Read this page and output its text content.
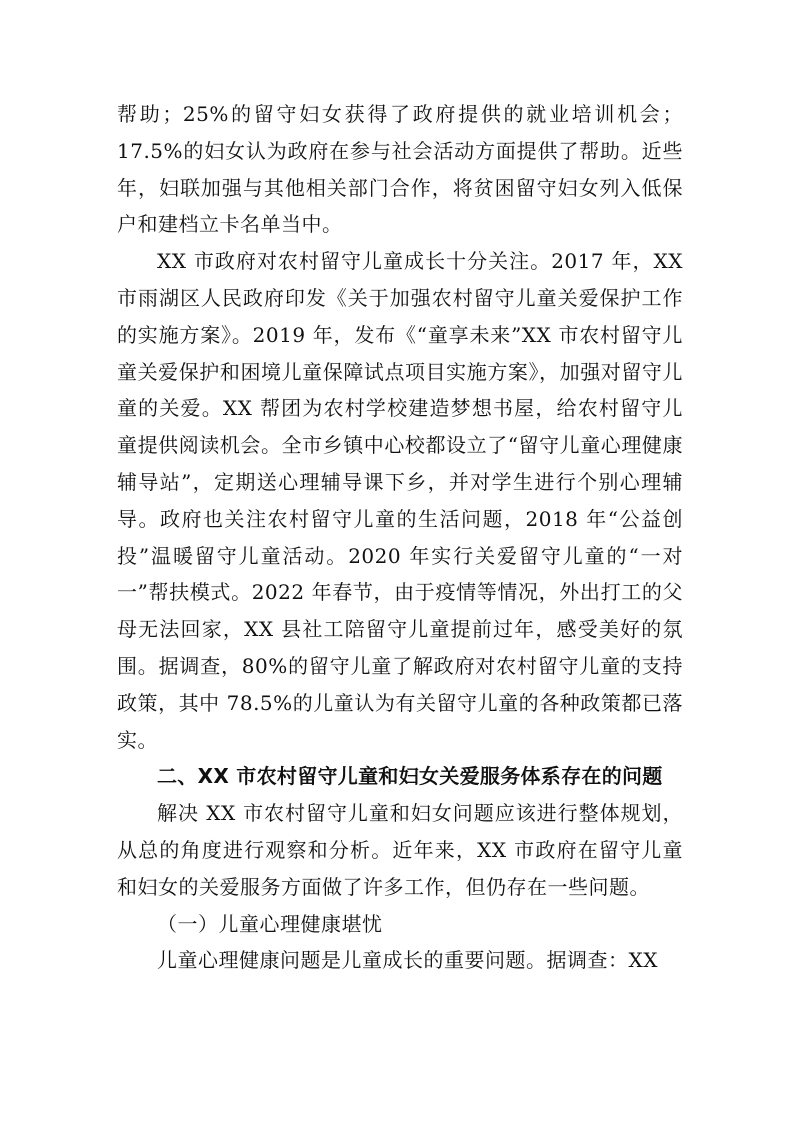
帮助；25%的留守妇女获得了政府提供的就业培训机会；17.5%的妇女认为政府在参与社会活动方面提供了帮助。近些年，妇联加强与其他相关部门合作，将贫困留守妇女列入低保户和建档立卡名单当中。

XX 市政府对农村留守儿童成长十分关注。2017 年，XX 市雨湖区人民政府印发《关于加强农村留守儿童关爱保护工作的实施方案》。2019 年，发布《“童享未来”XX 市农村留守儿童关爱保护和困境儿童保障试点项目实施方案》，加强对留守儿童的关爱。XX 帮团为农村学校建造梦想书屋，给农村留守儿童提供阅读机会。全市乡镇中心校都设立了“留守儿童心理健康辅导站”，定期送心理辅导课下乡，并对学生进行个别心理辅导。政府也关注农村留守儿童的生活问题，2018 年“公益创投”温暖留守儿童活动。2020 年实行关爱留守儿童的“一对一”帮扶模式。2022 年春节，由于疫情等情况，外出打工的父母无法回家，XX 县社工陪留守儿童提前过年，感受美好的氛围。据调查，80%的留守儿童了解政府对农村留守儿童的支持政策，其中 78.5%的儿童认为有关留守儿童的各种政策都已落实。

二、XX 市农村留守儿童和妇女关爱服务体系存在的问题

解决 XX 市农村留守儿童和妇女问题应该进行整体规划，从总的角度进行观察和分析。近年来，XX 市政府在留守儿童和妇女的关爱服务方面做了许多工作，但仍存在一些问题。

（一）儿童心理健康堪忧

儿童心理健康问题是儿童成长的重要问题。据调查：XX
